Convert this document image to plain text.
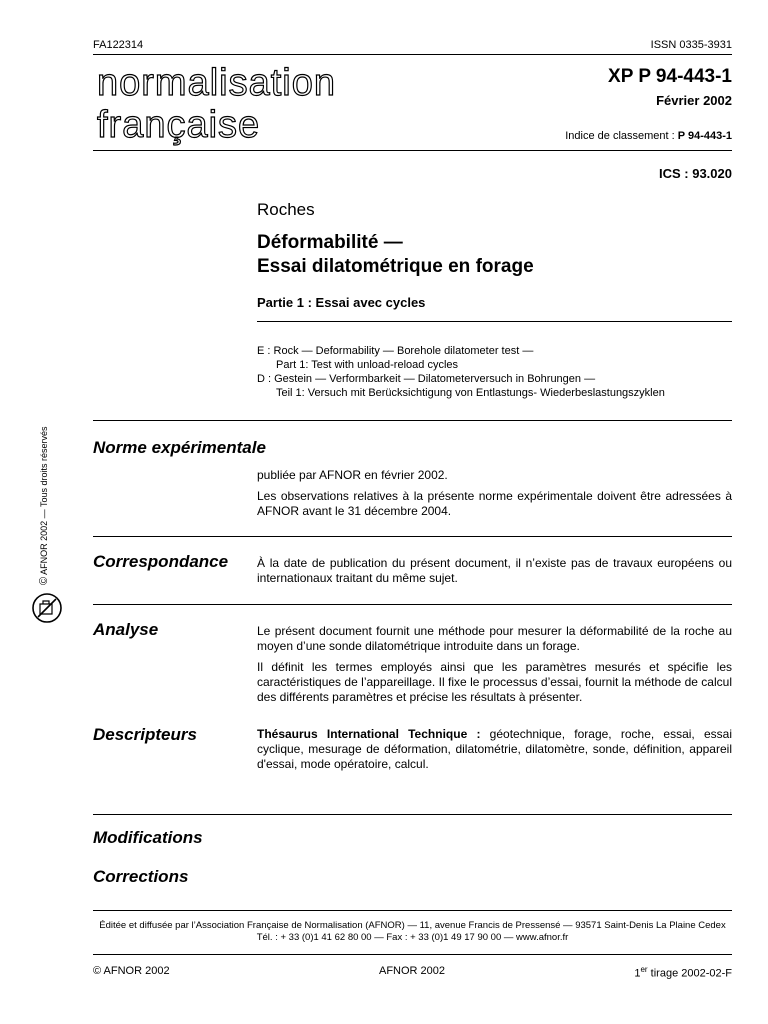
FA122314	ISSN 0335-3931
normalisation
française
XP P 94-443-1
Février 2002
Indice de classement : P 94-443-1
ICS : 93.020
Roches
Déformabilité —
Essai dilatométrique en forage
Partie 1 : Essai avec cycles
E : Rock — Deformability — Borehole dilatometer test —
Part 1: Test with unload-reload cycles
D : Gestein — Verformbarkeit — Dilatometerversuch in Bohrungen —
Teil 1: Versuch mit Berücksichtigung von Entlastungs- Wiederbeslastungszyklen
© AFNOR 2002 — Tous droits réservés	Norme expérimentale

publiée par AFNOR en février 2002.

Les observations relatives à la présente norme expérimentale doivent être adressées à AFNOR avant le 31 décembre 2004.

Correspondance À la date de publication du présent document, il n’existe pas de travaux européens ou internationaux traitant du même sujet.

Analyse	Le présent document fournit une méthode pour mesurer la déformabilité de la roche au moyen d’une sonde dilatométrique introduite dans un forage.

Il définit les termes employés ainsi que les paramètres mesurés et spécifie les caractéristiques de l’appareillage. Il fixe le processus d’essai, fournit la méthode de calcul des différents paramètres et précise les résultats à présenter.

Descripteurs	Thésaurus International Technique : géotechnique, forage, roche, essai, essai cyclique, mesurage de déformation, dilatométrie, dilatomètre, sonde, définition, appareil d'essai, mode opératoire, calcul.

Modifications
Corrections
Éditée et diffusée par l’Association Française de Normalisation (AFNOR) — 11, avenue Francis de Pressensé — 93571 Saint-Denis La Plaine Cedex
Tél. : + 33 (0)1 41 62 80 00 — Fax : + 33 (0)1 49 17 90 00 — www.afnor.fr
© AFNOR 2002	AFNOR 2002	1er tirage 2002-02-F
